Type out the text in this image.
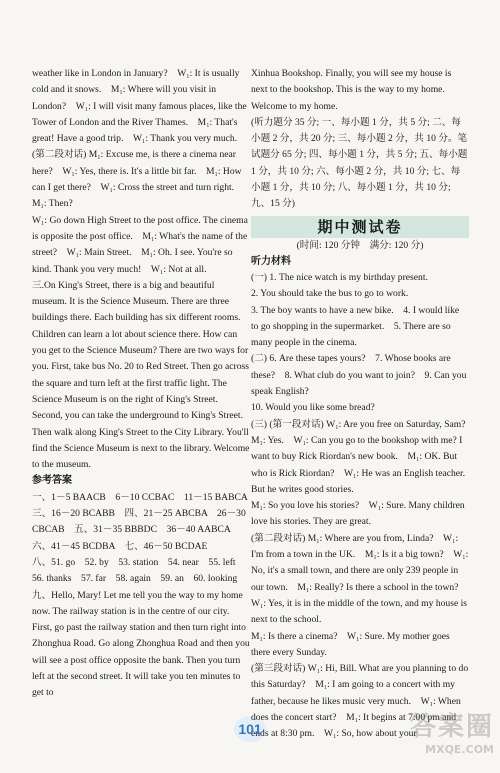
weather like in London in January?　W₁: It is usually cold and it snows.　M₁: Where will you visit in London?　W₁: I will visit many famous places, like the Tower of London and the River Thames.　M₁: That's great! Have a good trip.　W₁: Thank you very much.

(第二段对话) M₁: Excuse me, is there a cinema near here?　W₁: Yes, there is. It's a little bit far.　M₁: How can I get there?　W₁: Cross the street and turn right.　M₁: Then?

W₁: Go down High Street to the post office. The cinema is opposite the post office.　M₁: What's the name of the street?　W₁: Main Street.　M₁: Oh. I see. You're so kind. Thank you very much!　W₁: Not at all.

三.On King's Street, there is a big and beautiful museum. It is the Science Museum. There are three buildings there. Each building has six different rooms. Children can learn a lot about science there. How can you get to the Science Museum? There are two ways for you. First, take bus No. 20 to Red Street. Then go across the square and turn left at the first traffic light. The Science Museum is on the right of King's Street. Second, you can take the underground to King's Street. Then walk along King's Street to the City Library. You'll find the Science Museum is next to the library. Welcome to the museum.

参考答案

一、1－5 BAACB　6－10 CCBAC　11－15 BABCA　三、16－20 BCABB　四、21－25 ABCBA　26－30 CBCAB　五、31－35 BBBDC　36－40 AABCA　六、41－45 BCDBA　七、46－50 BCDAE

八、51. go　52. by　53. station　54. near　55. left　56. thanks　57. far　58. again　59. an　60. looking

九、Hello, Mary! Let me tell you the way to my home now. The railway station is in the centre of our city. First, go past the railway station and then turn right into Zhonghua Road. Go along Zhonghua Road and then you will see a post office opposite the bank. Then you turn left at the second street. It will take you ten minutes to get to

Xinhua Bookshop. Finally, you will see my house is next to the bookshop. This is the way to my home. Welcome to my home.

(听力题分 35 分; 一、每小题 1 分，共 5 分; 二、每小题 2 分，共 20 分; 三、每小题 2 分，共 10 分。笔试题分 65 分; 四、每小题 1 分，共 5 分; 五、每小题 1 分，共 10 分; 六、每小题 2 分，共 10 分; 七、每小题 1 分，共 10 分; 八、每小题 1 分，共 10 分; 九、15 分)

期中测试卷
(时间: 120 分钟　满分: 120 分)

听力材料

(一) 1. The nice watch is my birthday present.

2. You should take the bus to go to work.

3. The boy wants to have a new bike.　4. I would like to go shopping in the supermarket.　5. There are so many people in the cinema.

(二) 6. Are these tapes yours?　7. Whose books are these?　8. What club do you want to join?　9. Can you speak English?

10. Would you like some bread?

(三) (第一段对话) W₁: Are you free on Saturday, Sam?　M₁: Yes.　W₁: Can you go to the bookshop with me? I want to buy Rick Riordan's new book.　M₁: OK. But who is Rick Riordan?　W₁: He was an English teacher. But he writes good stories.

M₁: So you love his stories?　W₁: Sure. Many children love his stories. They are great.

(第二段对话) M₁: Where are you from, Linda?　W₁: I'm from a town in the UK.　M₁: Is it a big town?　W₁: No, it's a small town, and there are only 239 people in our town.　M₁: Really? Is there a school in the town?　W₁: Yes, it is in the middle of the town, and my house is next to the school.

M₁: Is there a cinema?　W₁: Sure. My mother goes there every Sunday.

(第三段对话) W₁: Hi, Bill. What are you planning to do this Saturday?　M₁: I am going to a concert with my father, because he likes music very much.　W₁: When does the concert start?　M₁: It begins at 7:00 pm and ends at 8:30 pm.　W₁: So, how about your

101	答案圈
MXQE.COM
